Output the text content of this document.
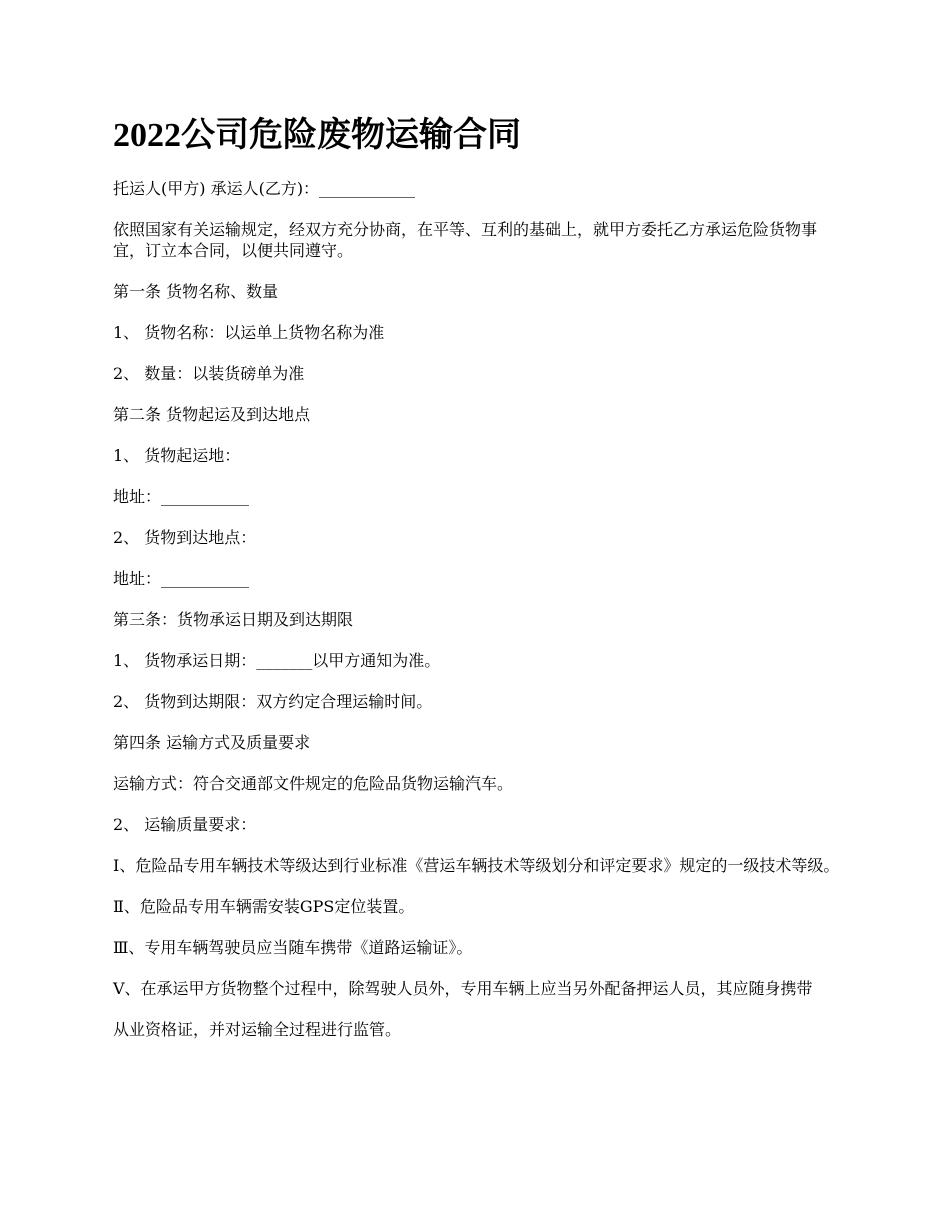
2022公司危险废物运输合同

托运人(甲方) 承运人(乙方)：____________

依照国家有关运输规定，经双方充分协商，在平等、互利的基础上，就甲方委托乙方承运危险货物事宜，订立本合同，以便共同遵守。

第一条 货物名称、数量

1、 货物名称：以运单上货物名称为准

2、 数量：以装货磅单为准

第二条 货物起运及到达地点

1、 货物起运地：

地址：___________

2、 货物到达地点：

地址：___________

第三条：货物承运日期及到达期限

1、 货物承运日期：_______以甲方通知为准。

2、 货物到达期限：双方约定合理运输时间。

第四条 运输方式及质量要求

运输方式：符合交通部文件规定的危险品货物运输汽车。

2、 运输质量要求：

I、危险品专用车辆技术等级达到行业标准《营运车辆技术等级划分和评定要求》规定的一级技术等级。

Ⅱ、危险品专用车辆需安装GPS定位装置。

Ⅲ、专用车辆驾驶员应当随车携带《道路运输证》。

V、在承运甲方货物整个过程中，除驾驶人员外，专用车辆上应当另外配备押运人员，其应随身携带

从业资格证，并对运输全过程进行监管。
